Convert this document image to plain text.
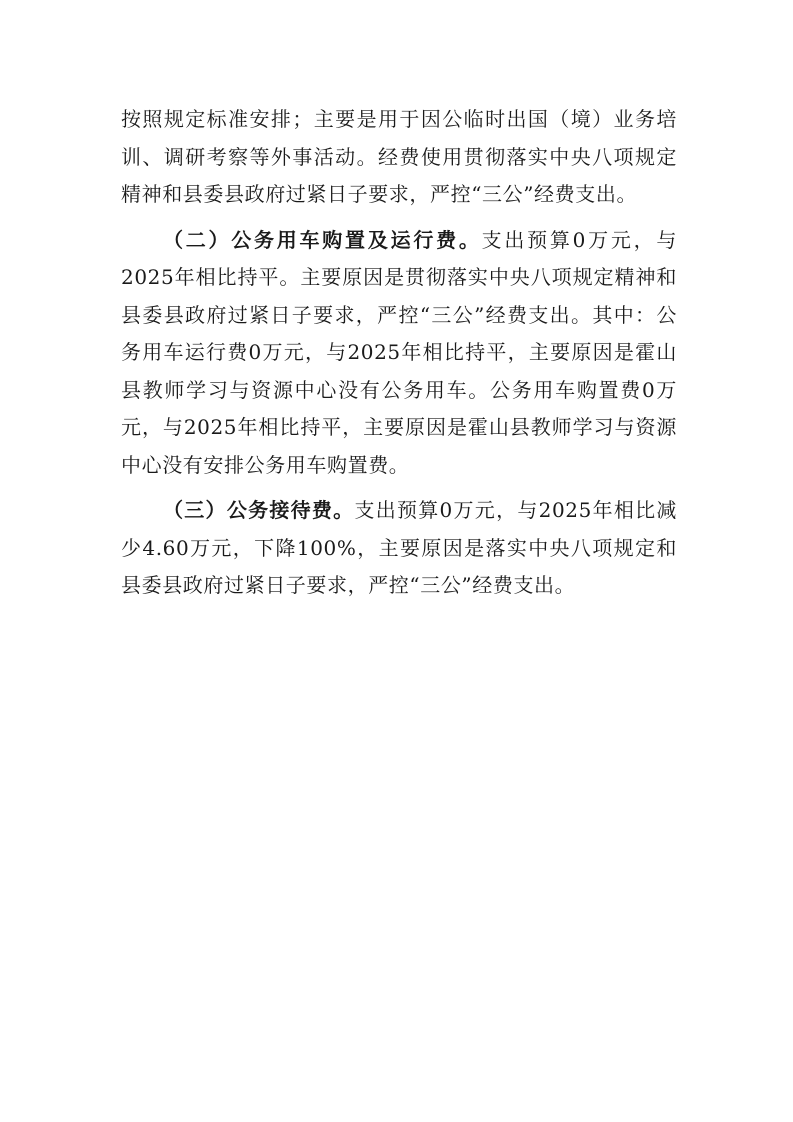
按照规定标准安排；主要是用于因公临时出国（境）业务培训、调研考察等外事活动。经费使用贯彻落实中央八项规定精神和县委县政府过紧日子要求，严控“三公”经费支出。

（二）公务用车购置及运行费。支出预算0万元，与2025年相比持平。主要原因是贯彻落实中央八项规定精神和县委县政府过紧日子要求，严控“三公”经费支出。其中：公务用车运行费0万元，与2025年相比持平，主要原因是霍山县教师学习与资源中心没有公务用车。公务用车购置费0万元，与2025年相比持平，主要原因是霍山县教师学习与资源中心没有安排公务用车购置费。

（三）公务接待费。支出预算0万元，与2025年相比减少4.60万元，下降100%，主要原因是落实中央八项规定和县委县政府过紧日子要求，严控“三公”经费支出。
